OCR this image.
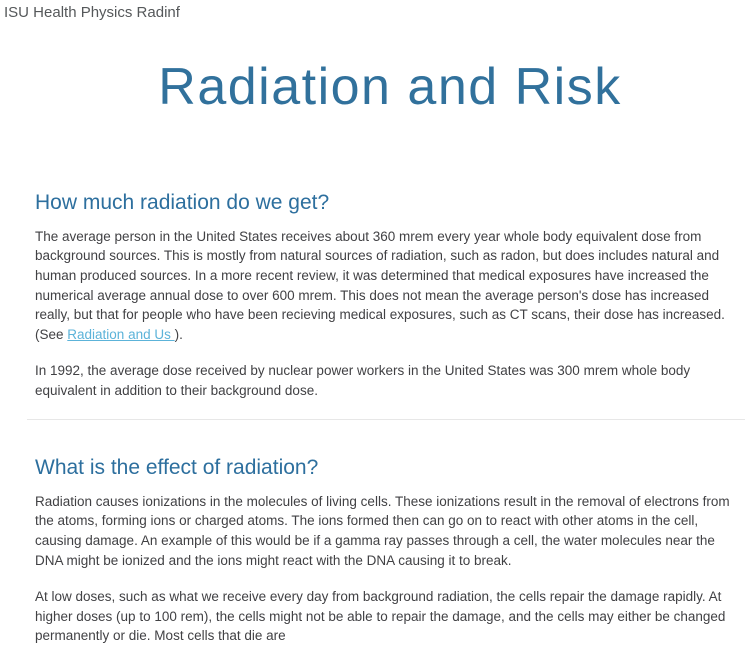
ISU Health Physics Radinf
Radiation and Risk
How much radiation do we get?

The average person in the United States receives about 360 mrem every year whole body equivalent dose from background sources. This is mostly from natural sources of radiation, such as radon, but does includes natural and human produced sources. In a more recent review, it was determined that medical exposures have increased the numerical average annual dose to over 600 mrem. This does not mean the average person's dose has increased really, but that for people who have been recieving medical exposures, such as CT scans, their dose has increased. (See Radiation and Us ).

In 1992, the average dose received by nuclear power workers in the United States was 300 mrem whole body equivalent in addition to their background dose.

What is the effect of radiation?

Radiation causes ionizations in the molecules of living cells. These ionizations result in the removal of electrons from the atoms, forming ions or charged atoms. The ions formed then can go on to react with other atoms in the cell, causing damage. An example of this would be if a gamma ray passes through a cell, the water molecules near the DNA might be ionized and the ions might react with the DNA causing it to break.

At low doses, such as what we receive every day from background radiation, the cells repair the damage rapidly. At higher doses (up to 100 rem), the cells might not be able to repair the damage, and the cells may either be changed permanently or die. Most cells that die are
